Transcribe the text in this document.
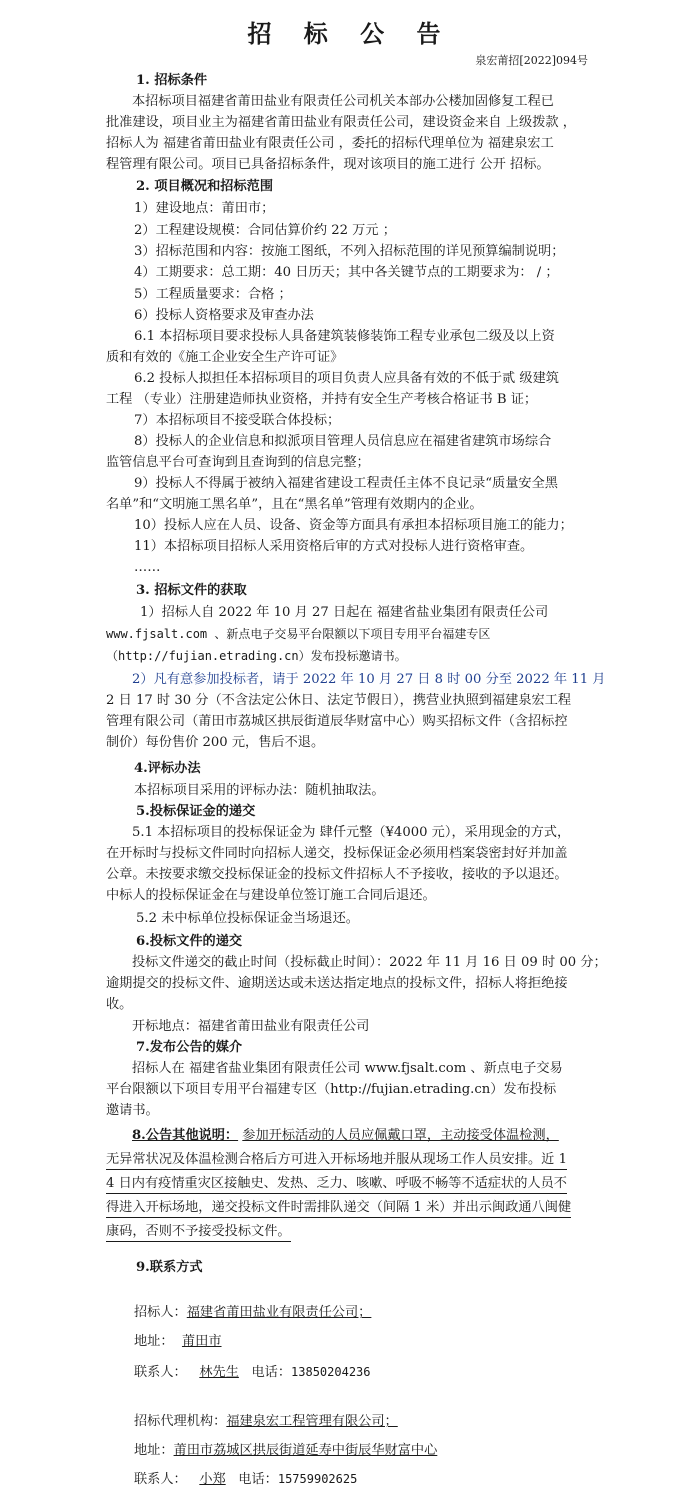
招 标 公 告
泉宏莆招[2022]094号
1. 招标条件
本招标项目福建省莆田盐业有限责任公司机关本部办公楼加固修复工程已
批准建设，项目业主为福建省莆田盐业有限责任公司，建设资金来自 上级拨款 ，
招标人为 福建省莆田盐业有限责任公司 ，委托的招标代理单位为 福建泉宏工
程管理有限公司。项目已具备招标条件，现对该项目的施工进行 公开 招标。
2. 项目概况和招标范围
1）建设地点：莆田市；
2）工程建设规模：合同估算价约 22 万元 ；
3）招标范围和内容：按施工图纸，不列入招标范围的详见预算编制说明；
4）工期要求：总工期：40 日历天；其中各关键节点的工期要求为： / ；
5）工程质量要求：合格 ；
6）投标人资格要求及审查办法
6.1 本招标项目要求投标人具备建筑装修装饰工程专业承包二级及以上资
质和有效的《施工企业安全生产许可证》
6.2 投标人拟担任本招标项目的项目负责人应具备有效的不低于贰 级建筑
工程 （专业）注册建造师执业资格，并持有安全生产考核合格证书 B 证；
7）本招标项目不接受联合体投标；
8）投标人的企业信息和拟派项目管理人员信息应在福建省建筑市场综合
监管信息平台可查询到且查询到的信息完整；
9）投标人不得属于被纳入福建省建设工程责任主体不良记录“质量安全黑
名单”和“文明施工黑名单”，且在“黑名单”管理有效期内的企业。
10）投标人应在人员、设备、资金等方面具有承担本招标项目施工的能力；
11）本招标项目招标人采用资格后审的方式对投标人进行资格审查。
……
3. 招标文件的获取
1）招标人自 2022 年 10 月 27 日起在 福建省盐业集团有限责任公司
www.fjsalt.com 、新点电子交易平台限额以下项目专用平台福建专区
（http://fujian.etrading.cn）发布投标邀请书。
2）凡有意参加投标者，请于 2022 年 10 月 27 日 8 时 00 分至 2022 年 11 月
2 日 17 时 30 分（不含法定公休日、法定节假日），携营业执照到福建泉宏工程
管理有限公司（莆田市荔城区拱辰街道辰华财富中心）购买招标文件（含招标控
制价）每份售价 200 元，售后不退。
4.评标办法
本招标项目采用的评标办法：随机抽取法。
5.投标保证金的递交
5.1 本招标项目的投标保证金为 肆仟元整（¥4000 元），采用现金的方式，
在开标时与投标文件同时向招标人递交，投标保证金必须用档案袋密封好并加盖
公章。未按要求缴交投标保证金的投标文件招标人不予接收，接收的予以退还。
中标人的投标保证金在与建设单位签订施工合同后退还。
5.2 未中标单位投标保证金当场退还。
6.投标文件的递交
投标文件递交的截止时间（投标截止时间）：2022 年 11 月 16 日 09 时 00 分；
逾期提交的投标文件、逾期送达或未送达指定地点的投标文件，招标人将拒绝接
收。
开标地点：福建省莆田盐业有限责任公司
7.发布公告的媒介
招标人在 福建省盐业集团有限责任公司 www.fjsalt.com 、新点电子交易
平台限额以下项目专用平台福建专区（http://fujian.etrading.cn）发布投标
邀请书。
8.公告其他说明： 参加开标活动的人员应佩戴口罩，主动接受体温检测，
无异常状况及体温检测合格后方可进入开标场地并服从现场工作人员安排。近 1
4 日内有疫情重灾区接触史、发热、乏力、咳嗽、呼吸不畅等不适症状的人员不
得进入开标场地，递交投标文件时需排队递交（间隔 1 米）并出示闽政通八闽健
康码，否则不予接受投标文件。
9.联系方式
招标人：福建省莆田盐业有限责任公司；
地址： 莆田市
联系人： 林先生 电话：13850204236
招标代理机构：福建泉宏工程管理有限公司；
地址：莆田市荔城区拱辰街道延寿中街辰华财富中心
联系人： 小郑 电话：15759902625
